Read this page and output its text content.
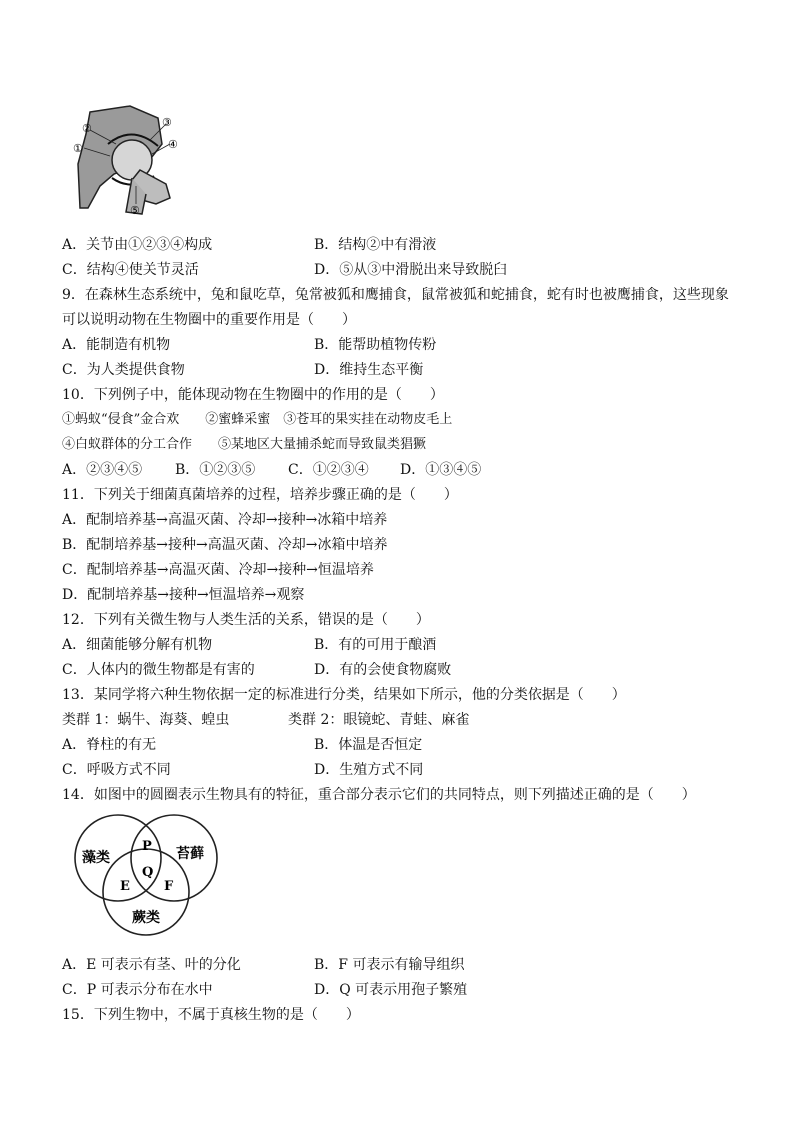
②
①
③
④
⑤
A．关节由①②③④构成	B．结构②中有滑液
C．结构④使关节灵活	D．⑤从③中滑脱出来导致脱臼
9．在森林生态系统中，兔和鼠吃草，兔常被狐和鹰捕食，鼠常被狐和蛇捕食，蛇有时也被鹰捕食，这些现象
可以说明动物在生物圈中的重要作用是（　　）
A．能制造有机物	B．能帮助植物传粉
C．为人类提供食物	D．维持生态平衡
10．下列例子中，能体现动物在生物圈中的作用的是（　　）
①蚂蚁“侵食”金合欢　　②蜜蜂采蜜　③苍耳的果实挂在动物皮毛上
④白蚁群体的分工合作　　⑤某地区大量捕杀蛇而导致鼠类猖獗
A．②③④⑤ B．①②③⑤ C．①②③④ D．①③④⑤
11．下列关于细菌真菌培养的过程，培养步骤正确的是（　　）
A．配制培养基→高温灭菌、冷却→接种→冰箱中培养
B．配制培养基→接种→高温灭菌、冷却→冰箱中培养
C．配制培养基→高温灭菌、冷却→接种→恒温培养
D．配制培养基→接种→恒温培养→观察
12．下列有关微生物与人类生活的关系，错误的是（　　）
A．细菌能够分解有机物	B．有的可用于酿酒
C．人体内的微生物都是有害的	D．有的会使食物腐败
13．某同学将六种生物依据一定的标准进行分类，结果如下所示，他的分类依据是（　　）
类群 1：蜗牛、海葵、蝗虫	类群 2：眼镜蛇、青蛙、麻雀
A．脊柱的有无	B．体温是否恒定
C．呼吸方式不同	D．生殖方式不同
14．如图中的圆圈表示生物具有的特征，重合部分表示它们的共同特点，则下列描述正确的是（　　）
藻类	苔藓
蕨类
P
Q
E	F
A．E 可表示有茎、叶的分化	B．F 可表示有输导组织
C．P 可表示分布在水中	D．Q 可表示用孢子繁殖
15．下列生物中，不属于真核生物的是（　　）
